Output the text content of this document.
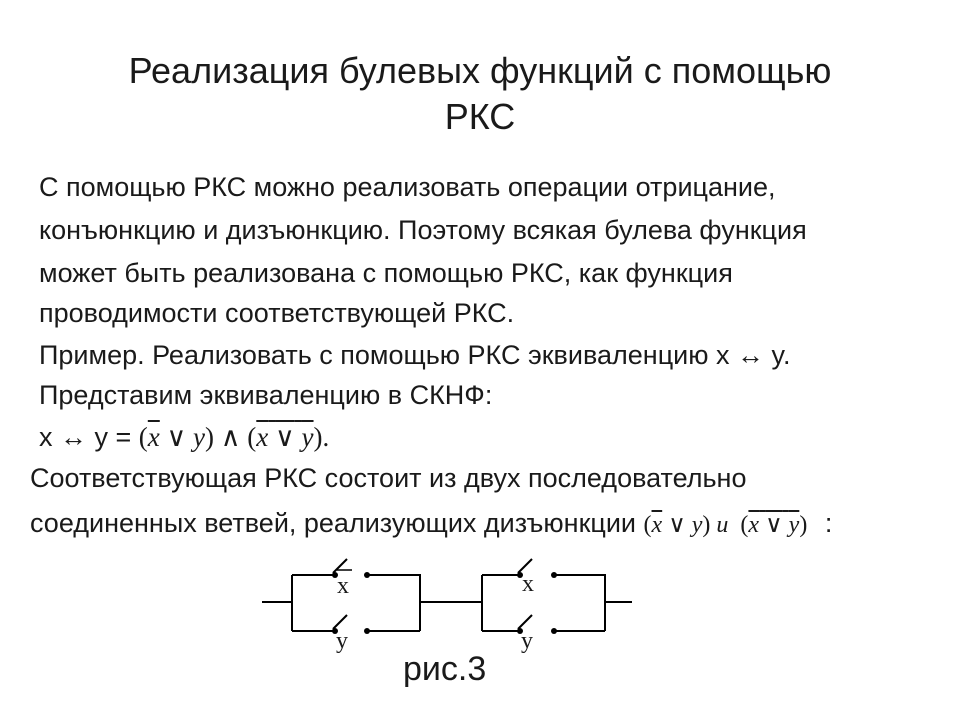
Реализация булевых функций с помощью
РКС
С помощью РКС можно реализовать операции отрицание,
конъюнкцию и дизъюнкцию. Поэтому всякая булева функция
может быть реализована с помощью РКС, как функция
проводимости соответствующей РКС.
Пример. Реализовать с помощью РКС эквиваленцию x ↔ y.
Представим эквиваленцию в СКНФ:
x ↔ $y = (\overline{x}$ ∨ y) ∧ (x ∨ y).
Соответствующая РКС состоит из двух последовательно
соединенных ветвей, реализующих дизъюнкции ($\overline{x}$ ∨ y) u (x ∨ y) :
x
y
x
y
рис.3
